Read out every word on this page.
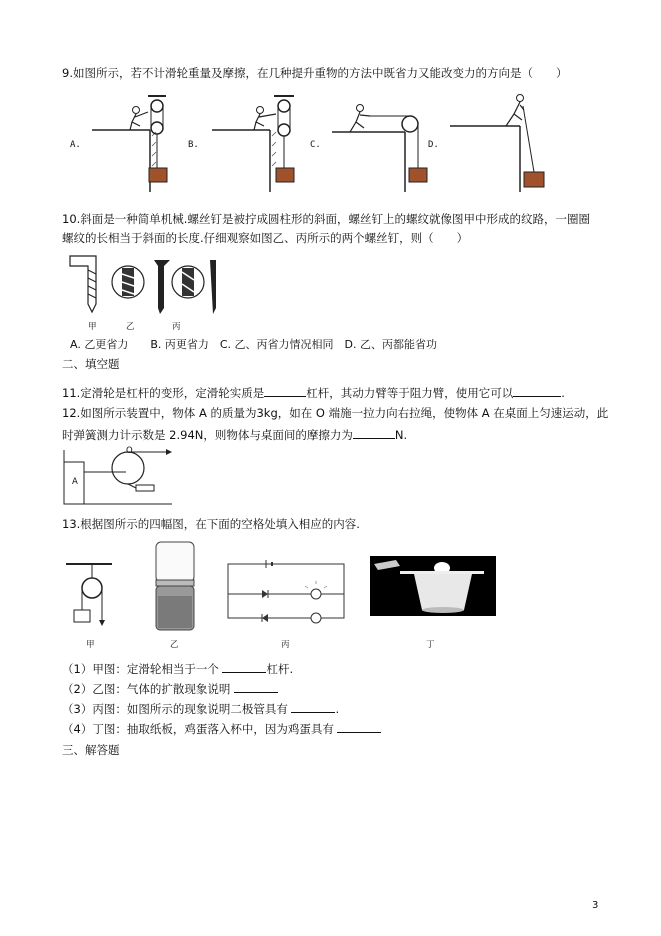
9.如图所示，若不计滑轮重量及摩擦，在几种提升重物的方法中既省力又能改变力的方向是（　　）
A.	B.	C.	D.
10.斜面是一种简单机械.螺丝钉是被拧成圆柱形的斜面，螺丝钉上的螺纹就像图甲中形成的纹路，一圈圈
螺纹的长相当于斜面的长度.仔细观察如图乙、丙所示的两个螺丝钉，则（　　）
甲	乙	丙
A. 乙更省力　　B. 丙更省力　C. 乙、丙省力情况相同　D. 乙、丙都能省功
二、填空题
11.定滑轮是杠杆的变形，定滑轮实质是	杠杆，其动力臂等于阻力臂，使用它可以	.
12.如图所示装置中，物体 A 的质量为3kg，如在 O 端施一拉力向右拉绳，使物体 A 在桌面上匀速运动，此
时弹簧测力计示数是 2.94N，则物体与桌面间的摩擦力为	N.
A
O
13.根据图所示的四幅图，在下面的空格处填入相应的内容.
甲	乙	丙	丁
（1）甲图：定滑轮相当于一个	杠杆.
（2）乙图：气体的扩散现象说明
（3）丙图：如图所示的现象说明二极管具有	.
（4）丁图：抽取纸板，鸡蛋落入杯中，因为鸡蛋具有
三、解答题
3
